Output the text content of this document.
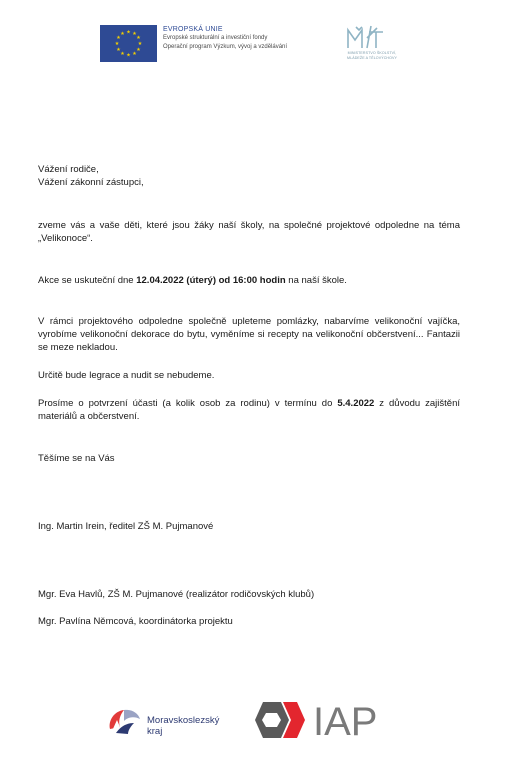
★ ★
★
★
★
★
★
★
★
★
★
★
EVROPSKÁ UNIE
Evropské strukturální a investiční fondy
Operační program Výzkum, vývoj a vzdělávání
MINISTERSTVO ŠKOLSTVÍ,
MLÁDEŽE A TĚLOVÝCHOVY
Vážení rodiče,
Vážení zákonní zástupci,
zveme vás a vaše děti, které jsou žáky naší školy, na společné projektové odpoledne na téma „Velikonoce“.
Akce se uskuteční dne 12.04.2022 (úterý) od 16:00 hodin na naší škole.
V rámci projektového odpoledne společně upleteme pomlázky, nabarvíme velikonoční vajíčka, vyrobíme velikonoční dekorace do bytu, vyměníme si recepty na velikonoční občerstvení... Fantazii se meze nekladou.
Určitě bude legrace a nudit se nebudeme.
Prosíme o potvrzení účasti (a kolik osob za rodinu) v termínu do 5.4.2022 z důvodu zajištění materiálů a občerstvení.
Těšíme se na Vás
Ing. Martin Irein, ředitel ZŠ M. Pujmanové
Mgr. Eva Havlů, ZŠ M. Pujmanové (realizátor rodičovských klubů)
Mgr. Pavlína Němcová, koordinátorka projektu
Moravskoslezský
kraj	IAP
